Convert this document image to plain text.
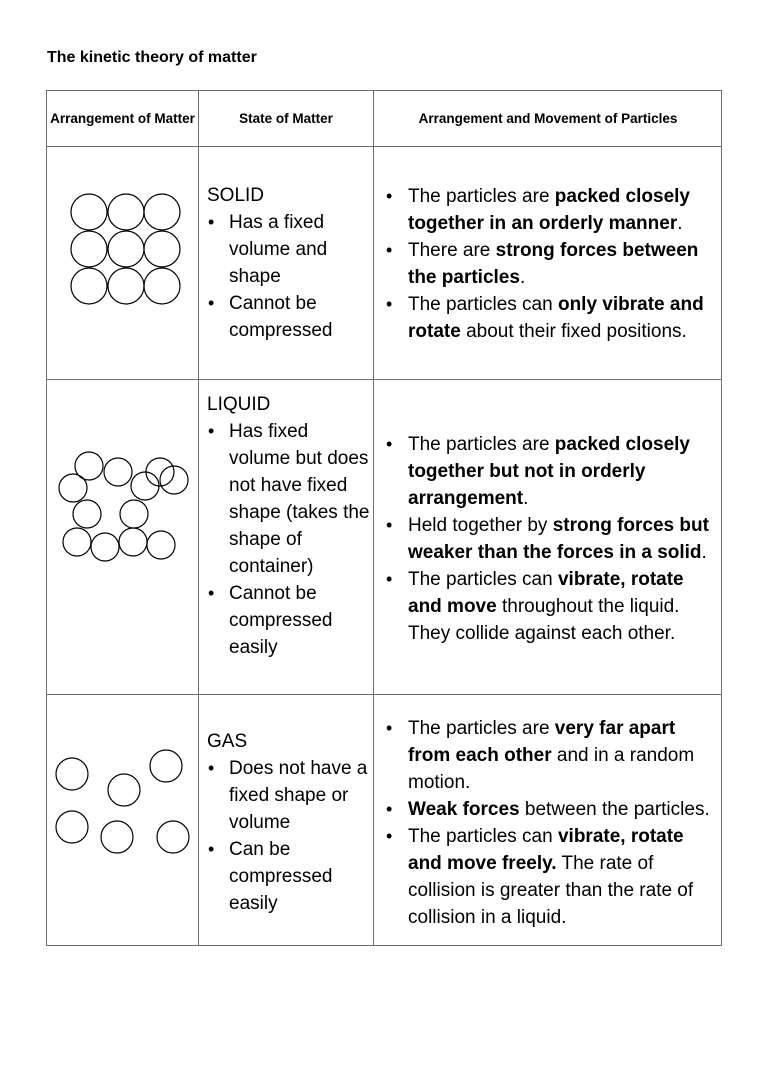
The kinetic theory of matter
Arrangement of Matter	State of Matter	Arrangement and Movement of Particles
SOLID
• Has a fixed volume and shape
• Cannot be compressed
• The particles are packed closely together in an orderly manner.
• There are strong forces between the particles.
• The particles can only vibrate and rotate about their fixed positions.
LIQUID
• Has fixed volume but does not have fixed shape (takes the shape of container)
• Cannot be compressed easily
• The particles are packed closely together but not in orderly arrangement.
• Held together by strong forces but weaker than the forces in a solid.
• The particles can vibrate, rotate and move throughout the liquid. They collide against each other.
GAS
• Does not have a fixed shape or volume
• Can be compressed easily
• The particles are very far apart from each other and in a random motion.
• Weak forces between the particles.
• The particles can vibrate, rotate and move freely. The rate of collision is greater than the rate of collision in a liquid.
